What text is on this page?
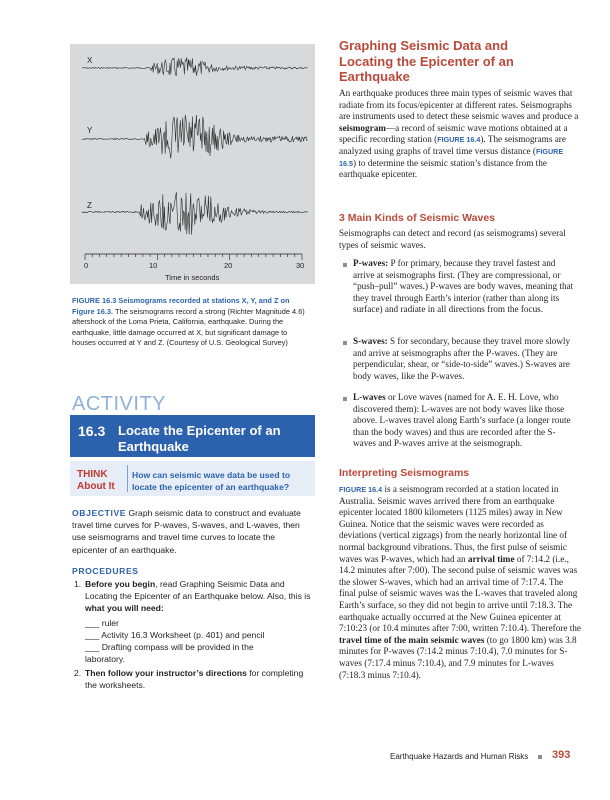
X
Y
Z
0	10	20	30
Time in seconds
FIGURE 16.3 Seismograms recorded at stations X, Y, and Z on Figure 16.3. The seismograms record a strong (Richter Magnitude 4.6) aftershock of the Loma Prieta, California, earthquake. During the earthquake, little damage occurred at X, but significant damage to houses occurred at Y and Z. (Courtesy of U.S. Geological Survey)
ACTIVITY
16.3 Locate the Epicenter of an Earthquake
THINK
About It
How can seismic wave data be used to locate the epicenter of an earthquake?
OBJECTIVE Graph seismic data to construct and evaluate travel time curves for P-waves, S-waves, and L-waves, then use seismograms and travel time curves to locate the epicenter of an earthquake.
PROCEDURES
1. Before you begin, read Graphing Seismic Data and Locating the Epicenter of an Earthquake below. Also, this is what you will need:
___ ruler
___ Activity 16.3 Worksheet (p. 401) and pencil
___ Drafting compass will be provided in the laboratory.
2. Then follow your instructor’s directions for completing the worksheets.
Graphing Seismic Data and Locating the Epicenter of an Earthquake
An earthquake produces three main types of seismic waves that radiate from its focus/epicenter at different rates. Seismographs are instruments used to detect these seismic waves and produce a seismogram—a record of seismic wave motions obtained at a specific recording station (FIGURE 16.4). The seismograms are analyzed using graphs of travel time versus distance (FIGURE 16.5) to determine the seismic station’s distance from the earthquake epicenter.
3 Main Kinds of Seismic Waves
Seismographs can detect and record (as seismograms) several types of seismic waves.
P-waves: P for primary, because they travel fastest and arrive at seismographs first. (They are compressional, or “push–pull” waves.) P-waves are body waves, meaning that they travel through Earth’s interior (rather than along its surface) and radiate in all directions from the focus.
S-waves: S for secondary, because they travel more slowly and arrive at seismographs after the P-waves. (They are perpendicular, shear, or “side-to-side” waves.) S-waves are body waves, like the P-waves.
L-waves or Love waves (named for A. E. H. Love, who discovered them): L-waves are not body waves like those above. L-waves travel along Earth’s surface (a longer route than the body waves) and thus are recorded after the S-waves and P-waves arrive at the seismograph.
Interpreting Seismograms
FIGURE 16.4 is a seismogram recorded at a station located in Australia. Seismic waves arrived there from an earthquake epicenter located 1800 kilometers (1125 miles) away in New Guinea. Notice that the seismic waves were recorded as deviations (vertical zigzags) from the nearly horizontal line of normal background vibrations. Thus, the first pulse of seismic waves was P-waves, which had an arrival time of 7:14.2 (i.e., 14.2 minutes after 7:00). The second pulse of seismic waves was the slower S-waves, which had an arrival time of 7:17.4. The final pulse of seismic waves was the L-waves that traveled along Earth’s surface, so they did not begin to arrive until 7:18.3. The earthquake actually occurred at the New Guinea epicenter at 7:10:23 (or 10.4 minutes after 7:00, written 7:10.4). Therefore the travel time of the main seismic waves (to go 1800 km) was 3.8 minutes for P-waves (7:14.2 minus 7:10.4), 7.0 minutes for S-waves (7:17.4 minus 7:10.4), and 7.9 minutes for L-waves (7:18.3 minus 7:10.4).
Earthquake Hazards and Human Risks 393
